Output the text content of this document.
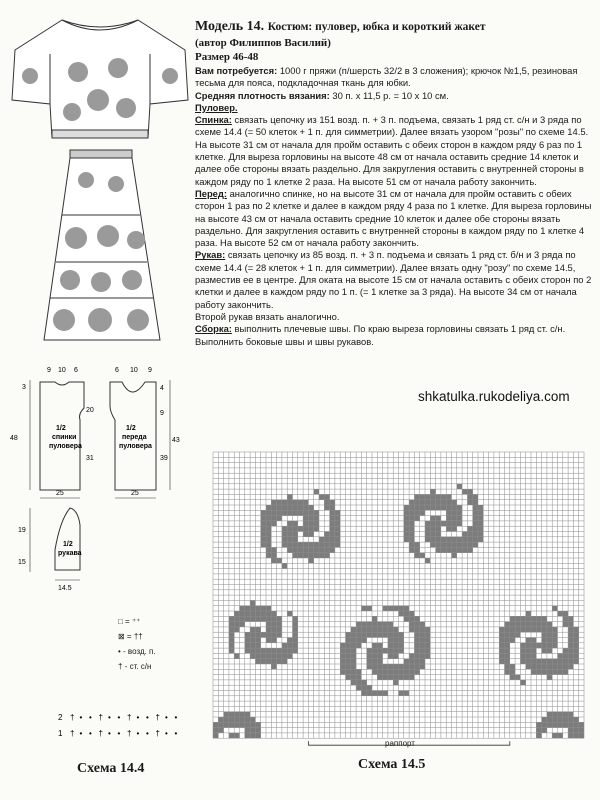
Модель 14. Костюм: пуловер, юбка и короткий жакет

(автор Филиппов Василий)

Размер 46-48

Вам потребуется: 1000 г пряжи (п/шерсть 32/2 в 3 сложения); крючок №1,5, резиновая тесьма для пояса, подкладочная ткань для юбки.

Средняя плотность вязания: 30 п. x 11,5 р. = 10 x 10 см.

Пуловер.

Спинка: связать цепочку из 151 возд. п. + 3 п. подъема, связать 1 ряд ст. с/н и 3 ряда по схеме 14.4 (= 50 клеток + 1 п. для симметрии). Далее вязать узором "розы" по схеме 14.5. На высоте 31 см от начала для пройм оставить с обеих сторон в каждом ряду 6 раз по 1 клетке. Для выреза горловины на высоте 48 см от начала оставить средние 14 клеток и далее обе стороны вязать раздельно. Для закругления оставить с внутренней стороны в каждом ряду по 1 клетке 2 раза. На высоте 51 см от начала работу закончить.

Перед: аналогично спинке, но на высоте 31 см от начала для пройм оставить с обеих сторон 1 раз по 2 клетке и далее в каждом ряду 4 раза по 1 клетке. Для выреза горловины на высоте 43 см от начала оставить средние 10 клеток и далее обе стороны вязать раздельно. Для закругления оставить с внутренней стороны в каждом ряду по 1 клетке 4 раза. На высоте 52 см от начала работу закончить.

Рукав: связать цепочку из 85 возд. п. + 3 п. подъема и связать 1 ряд ст. б/н и 3 ряда по схеме 14.4 (= 28 клеток + 1 п. для симметрии). Далее вязать одну "розу" по схеме 14.5, разместив ее в центре. Для оката на высоте 15 см от начала оставить с обеих сторон по 2 клетки и далее в каждом ряду по 1 п. (= 1 клетке за 3 ряда). На высоте 34 см от начала работу закончить.

Второй рукав вязать аналогично.

Сборка: выполнить плечевые швы. По краю выреза горловины связать 1 ряд ст. с/н. Выполнить боковые швы и швы рукавов.

shkatulka.rukodeliya.com
9 10 6
3
48
20
31
1/2
спинки
пуловера
25
6 10 9
4
9
39
43
1/2
переда
пуловера
25
19
15
1/2
рукава
14.5
□ = ⁺⁺
⊠ = ††
• - возд. п.
† - ст. с/н
2
1
† • • † • • † • • † • •
† • • † • • † • • † • •
Схема 14.4
раппорт
Схема 14.5
